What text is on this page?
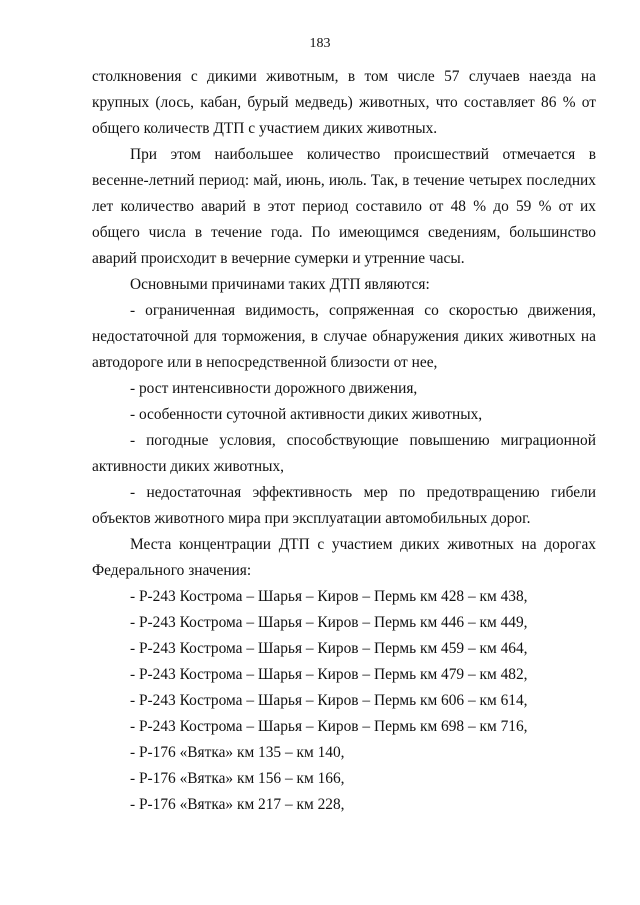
183

столкновения с дикими животным, в том числе 57 случаев наезда на крупных (лось, кабан, бурый медведь) животных, что составляет 86 % от общего количеств ДТП с участием диких животных.

При этом наибольшее количество происшествий отмечается в весенне-летний период: май, июнь, июль. Так, в течение четырех последних лет количество аварий в этот период составило от 48 % до 59 % от их общего числа в течение года. По имеющимся сведениям, большинство аварий происходит в вечерние сумерки и утренние часы.

Основными причинами таких ДТП являются:

- ограниченная видимость, сопряженная со скоростью движения, недостаточной для торможения, в случае обнаружения диких животных на автодороге или в непосредственной близости от нее,

- рост интенсивности дорожного движения,

- особенности суточной активности диких животных,

- погодные условия, способствующие повышению миграционной активности диких животных,

- недостаточная эффективность мер по предотвращению гибели объектов животного мира при эксплуатации автомобильных дорог.

Места концентрации ДТП с участием диких животных на дорогах Федерального значения:

- Р-243 Кострома – Шарья – Киров – Пермь км 428 – км 438,

- Р-243 Кострома – Шарья – Киров – Пермь км 446 – км 449,

- Р-243 Кострома – Шарья – Киров – Пермь км 459 – км 464,

- Р-243 Кострома – Шарья – Киров – Пермь км 479 – км 482,

- Р-243 Кострома – Шарья – Киров – Пермь км 606 – км 614,

- Р-243 Кострома – Шарья – Киров – Пермь км 698 – км 716,

- Р-176 «Вятка» км 135 – км 140,

- Р-176 «Вятка» км 156 – км 166,

- Р-176 «Вятка» км 217 – км 228,
